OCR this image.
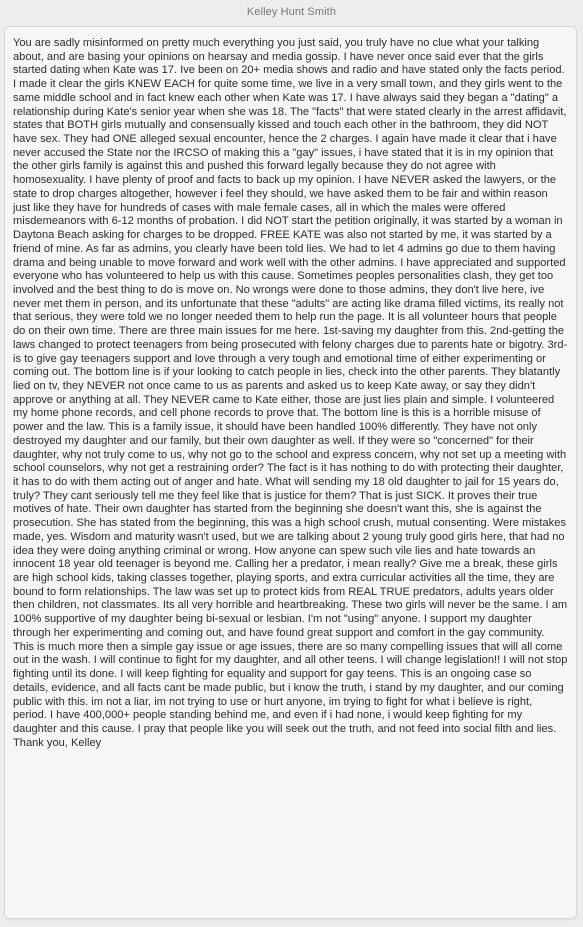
Kelley Hunt Smith

You are sadly misinformed on pretty much everything you just said, you truly have no clue what your talking about, and are basing your opinions on hearsay and media gossip. I have never once said ever that the girls started dating when Kate was 17. Ive been on 20+ media shows and radio and have stated only the facts period. I made it clear the girls KNEW EACH for quite some time, we live in a very small town, and they girls went to the same middle school and in fact knew each other when Kate was 17. I have always said they began a "dating" a relationship during Kate's senior year when she was 18. The "facts" that were stated clearly in the arrest affidavit, states that BOTH girls mutually and consensually kissed and touch each other in the bathroom, they did NOT have sex. They had ONE alleged sexual encounter, hence the 2 charges. I again have made it clear that i have never accused the State nor the IRCSO of making this a "gay" issues, i have stated that it is in my opinion that the other girls family is against this and pushed this forward legally because they do not agree with homosexuality. I have plenty of proof and facts to back up my opinion. I have NEVER asked the lawyers, or the state to drop charges altogether, however i feel they should, we have asked them to be fair and within reason just like they have for hundreds of cases with male female cases, all in which the males were offered misdemeanors with 6-12 months of probation. I did NOT start the petition originally, it was started by a woman in Daytona Beach asking for charges to be dropped. FREE KATE was also not started by me, it was started by a friend of mine. As far as admins, you clearly have been told lies. We had to let 4 admins go due to them having drama and being unable to move forward and work well with the other admins. I have appreciated and supported everyone who has volunteered to help us with this cause. Sometimes peoples personalities clash, they get too involved and the best thing to do is move on. No wrongs were done to those admins, they don't live here, ive never met them in person, and its unfortunate that these "adults" are acting like drama filled victims, its really not that serious, they were told we no longer needed them to help run the page. It is all volunteer hours that people do on their own time. There are three main issues for me here. 1st-saving my daughter from this. 2nd-getting the laws changed to protect teenagers from being prosecuted with felony charges due to parents hate or bigotry. 3rd-is to give gay teenagers support and love through a very tough and emotional time of either experimenting or coming out. The bottom line is if your looking to catch people in lies, check into the other parents. They blatantly lied on tv, they NEVER not once came to us as parents and asked us to keep Kate away, or say they didn't approve or anything at all. They NEVER came to Kate either, those are just lies plain and simple. I volunteered my home phone records, and cell phone records to prove that. The bottom line is this is a horrible misuse of power and the law. This is a family issue, it should have been handled 100% differently. They have not only destroyed my daughter and our family, but their own daughter as well. If they were so "concerned" for their daughter, why not truly come to us, why not go to the school and express concern, why not set up a meeting with school counselors, why not get a restraining order? The fact is it has nothing to do with protecting their daughter, it has to do with them acting out of anger and hate. What will sending my 18 old daughter to jail for 15 years do, truly? They cant seriously tell me they feel like that is justice for them? That is just SICK. It proves their true motives of hate. Their own daughter has started from the beginning she doesn't want this, she is against the prosecution. She has stated from the beginning, this was a high school crush, mutual consenting. Were mistakes made, yes. Wisdom and maturity wasn't used, but we are talking about 2 young truly good girls here, that had no idea they were doing anything criminal or wrong. How anyone can spew such vile lies and hate towards an innocent 18 year old teenager is beyond me. Calling her a predator, i mean really? Give me a break, these girls are high school kids, taking classes together, playing sports, and extra curricular activities all the time, they are bound to form relationships. The law was set up to protect kids from REAL TRUE predators, adults years older then children, not classmates. Its all very horrible and heartbreaking. These two girls will never be the same. I am 100% supportive of my daughter being bi-sexual or lesbian. I'm not "using" anyone. I support my daughter through her experimenting and coming out, and have found great support and comfort in the gay community. This is much more then a simple gay issue or age issues, there are so many compelling issues that will all come out in the wash. I will continue to fight for my daughter, and all other teens. I will change legislation!! I will not stop fighting until its done. I will keep fighting for equality and support for gay teens. This is an ongoing case so details, evidence, and all facts cant be made public, but i know the truth, i stand by my daughter, and our coming public with this. im not a liar, im not trying to use or hurt anyone, im trying to fight for what i believe is right, period. I have 400,000+ people standing behind me, and even if i had none, i would keep fighting for my daughter and this cause. I pray that people like you will seek out the truth, and not feed into social filth and lies. Thank you, Kelley
